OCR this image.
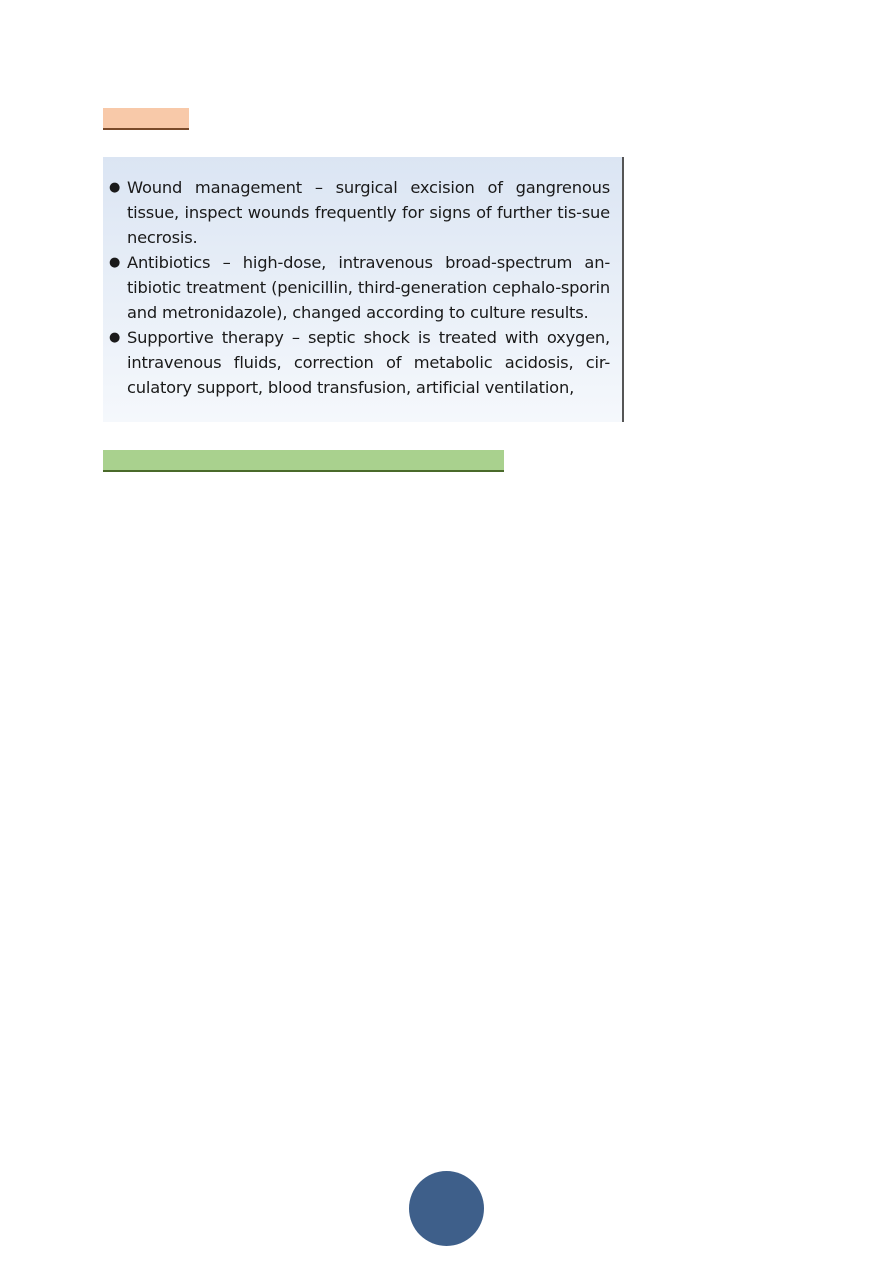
● Wound management – surgical excision of gangrenous tissue, inspect wounds frequently for signs of further tis-sue necrosis.
● Antibiotics – high-dose, intravenous broad-spectrum an-tibiotic treatment (penicillin, third-generation cephalo-sporin and metronidazole), changed according to culture results.
● Supportive therapy – septic shock is treated with oxygen, intravenous fluids, correction of metabolic acidosis, cir-culatory support, blood transfusion, artificial ventilation,
